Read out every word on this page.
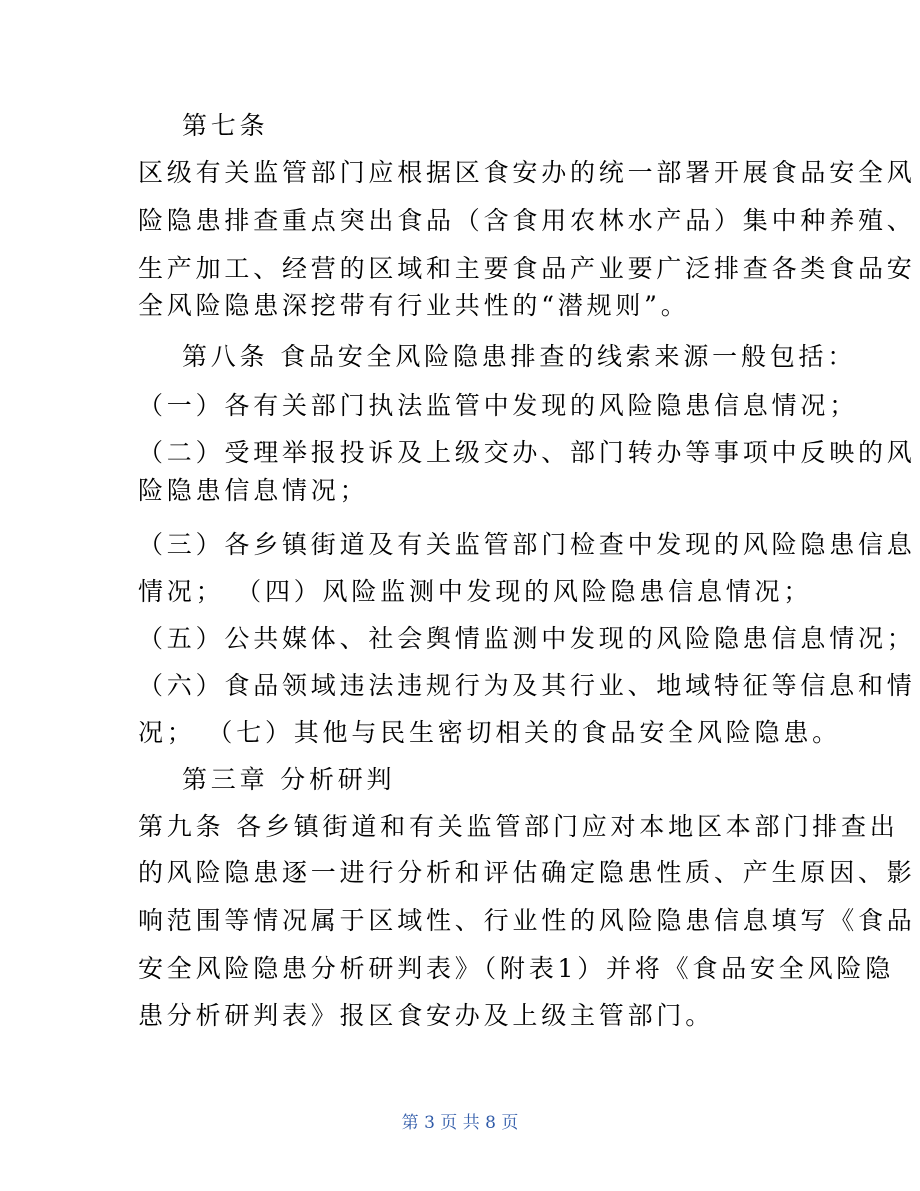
第七条
区级有关监管部门应根据区食安办的统一部署开展食品安全风
险隐患排查重点突出食品（含食用农林水产品）集中种养殖、
生产加工、经营的区域和主要食品产业要广泛排查各类食品安
全风险隐患深挖带有行业共性的“潜规则”。
第八条 食品安全风险隐患排查的线索来源一般包括：
（一）各有关部门执法监管中发现的风险隐患信息情况；
（二）受理举报投诉及上级交办、部门转办等事项中反映的风
险隐患信息情况；
（三）各乡镇街道及有关监管部门检查中发现的风险隐患信息
情况； （四）风险监测中发现的风险隐患信息情况；
（五）公共媒体、社会舆情监测中发现的风险隐患信息情况；
（六）食品领域违法违规行为及其行业、地域特征等信息和情
况； （七）其他与民生密切相关的食品安全风险隐患。
第三章 分析研判
第九条 各乡镇街道和有关监管部门应对本地区本部门排查出
的风险隐患逐一进行分析和评估确定隐患性质、产生原因、影
响范围等情况属于区域性、行业性的风险隐患信息填写《食品
安全风险隐患分析研判表》（附表1）并将《食品安全风险隐
患分析研判表》报区食安办及上级主管部门。
第 3 页 共 8 页
